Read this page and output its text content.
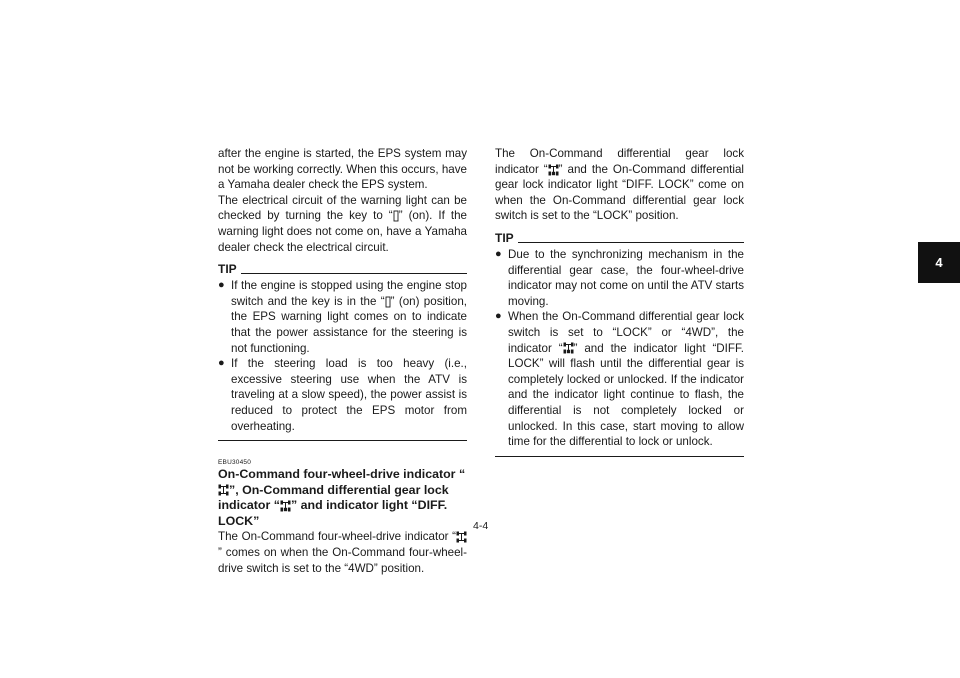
after the engine is started, the EPS system may not be working correctly. When this occurs, have a Yamaha dealer check the EPS system.

The electrical circuit of the warning light can be checked by turning the key to “ ” (on). If the warning light does not come on, have a Yamaha dealer check the electrical circuit.

TIP
● If the engine is stopped using the engine stop switch and the key is in the “ ” (on) position, the EPS warning light comes on to indicate that the power assistance for the steering is not functioning.
● If the steering load is too heavy (i.e., excessive steering use when the ATV is traveling at a slow speed), the power assist is reduced to protect the EPS motor from overheating.
EBU30450

On-Command four-wheel-drive indicator “”, On-Command differential gear lock indicator “ ” and indicator light “DIFF. LOCK”

The On-Command four-wheel-drive indicator “” comes on when the On-Command four-wheel-drive switch is set to the “4WD” position.

The On-Command differential gear lock indicator “ ” and the On-Command differential gear lock indicator light “DIFF. LOCK” come on when the On-Command differential gear lock switch is set to the “LOCK” position.

TIP
● Due to the synchronizing mechanism in the differential gear case, the four-wheel-drive indicator may not come on until the ATV starts moving.
● When the On-Command differential gear lock switch is set to “LOCK” or “4WD”, the indicator “ ” and the indicator light “DIFF. LOCK” will flash until the differential gear is completely locked or unlocked. If the indicator and the indicator light continue to flash, the differential is not completely locked or unlocked. In this case, start moving to allow time for the differential to lock or unlock.
4
4-4
